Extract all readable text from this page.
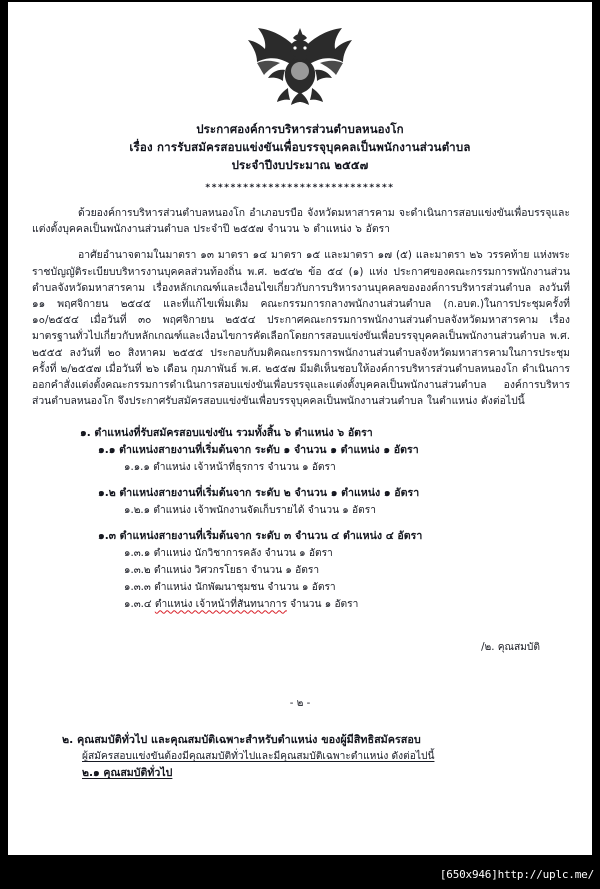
ประกาศองค์การบริหารส่วนตำบลหนองโก
เรื่อง การรับสมัครสอบแข่งขันเพื่อบรรจุบุคคลเป็นพนักงานส่วนตำบล
ประจำปีงบประมาณ ๒๕๕๗
******************************

ด้วยองค์การบริหารส่วนตำบลหนองโก อำเภอบรบือ จังหวัดมหาสารคาม จะดำเนินการสอบแข่งขันเพื่อบรรจุและแต่งตั้งบุคคลเป็นพนักงานส่วนตำบล ประจำปี ๒๕๕๗ จำนวน ๖ ตำแหน่ง ๖ อัตรา

อาศัยอำนาจตามในมาตรา ๑๓ มาตรา ๑๔ มาตรา ๑๕ และมาตรา ๑๗ (๕) และมาตรา ๒๖ วรรคท้าย แห่งพระราชบัญญัติระเบียบบริหารงานบุคคลส่วนท้องถิ่น พ.ศ. ๒๕๔๒ ข้อ ๕๔ (๑) แห่ง ประกาศของคณะกรรมการพนักงานส่วนตำบลจังหวัดมหาสารคาม เรื่องหลักเกณฑ์และเงื่อนไขเกี่ยวกับการบริหารงานบุคคลขององค์การบริหารส่วนตำบล ลงวันที่ ๑๑ พฤศจิกายน ๒๕๔๕ และที่แก้ไขเพิ่มเติม คณะกรรมการกลางพนักงานส่วนตำบล (ก.อบต.)ในการประชุมครั้งที่ ๑๐/๒๕๕๔ เมื่อวันที่ ๓๐ พฤศจิกายน ๒๕๕๔ ประกาศคณะกรรมการพนักงานส่วนตำบลจังหวัดมหาสารคาม เรื่อง มาตรฐานทั่วไปเกี่ยวกับหลักเกณฑ์และเงื่อนไขการคัดเลือกโดยการสอบแข่งขันเพื่อบรรจุบุคคลเป็นพนักงานส่วนตำบล พ.ศ. ๒๕๕๕ ลงวันที่ ๒๐ สิงหาคม ๒๕๕๕ ประกอบกับมติคณะกรรมการพนักงานส่วนตำบลจังหวัดมหาสารคามในการประชุมครั้งที่ ๒/๒๕๕๗ เมื่อวันที่ ๒๖ เดือน กุมภาพันธ์ พ.ศ. ๒๕๕๗ มีมติเห็นชอบให้องค์การบริหารส่วนตำบลหนองโก ดำเนินการออกคำสั่งแต่งตั้งคณะกรรมการดำเนินการสอบแข่งขันเพื่อบรรจุและแต่งตั้งบุคคลเป็นพนักงานส่วนตำบล องค์การบริหารส่วนตำบลหนองโก จึงประกาศรับสมัครสอบแข่งขันเพื่อบรรจุบุคคลเป็นพนักงานส่วนตำบล ในตำแหน่ง ดังต่อไปนี้

๑. ตำแหน่งที่รับสมัครสอบแข่งขัน รวมทั้งสิ้น ๖ ตำแหน่ง ๖ อัตรา
๑.๑ ตำแหน่งสายงานที่เริ่มต้นจาก ระดับ ๑ จำนวน ๑ ตำแหน่ง ๑ อัตรา
๑.๑.๑ ตำแหน่ง เจ้าหน้าที่ธุรการ จำนวน ๑ อัตรา
๑.๒ ตำแหน่งสายงานที่เริ่มต้นจาก ระดับ ๒ จำนวน ๑ ตำแหน่ง ๑ อัตรา
๑.๒.๑ ตำแหน่ง เจ้าพนักงานจัดเก็บรายได้ จำนวน ๑ อัตรา
๑.๓ ตำแหน่งสายงานที่เริ่มต้นจาก ระดับ ๓ จำนวน ๔ ตำแหน่ง ๔ อัตรา
๑.๓.๑ ตำแหน่ง นักวิชาการคลัง จำนวน ๑ อัตรา
๑.๓.๒ ตำแหน่ง วิศวกรโยธา จำนวน ๑ อัตรา
๑.๓.๓ ตำแหน่ง นักพัฒนาชุมชน จำนวน ๑ อัตรา
๑.๓.๔ ตำแหน่ง เจ้าหน้าที่สันทนาการ จำนวน ๑ อัตรา
/๒. คุณสมบัติ
- ๒ -
๒. คุณสมบัติทั่วไป และคุณสมบัติเฉพาะสำหรับตำแหน่ง ของผู้มีสิทธิสมัครสอบ
ผู้สมัครสอบแข่งขันต้องมีคุณสมบัติทั่วไปและมีคุณสมบัติเฉพาะตำแหน่ง ดังต่อไปนี้
๒.๑ คุณสมบัติทั่วไป
[650x946]http://uplc.me/
